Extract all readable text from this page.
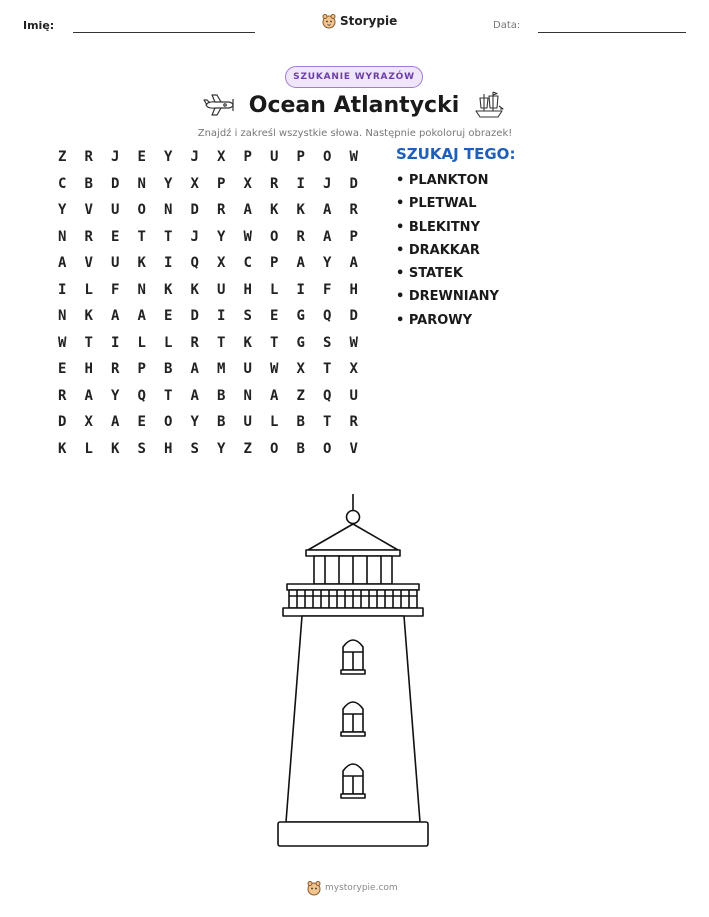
Imię:	Storypie	Data:
SZUKANIE WYRAZÓW
Ocean Atlantycki
Znajdź i zakreśl wszystkie słowa. Następnie pokoloruj obrazek!
Z	R	J	E	Y	J	X	P	U	P	O	W
C	B	D	N	Y	X	P	X	R	I	J	D
Y	V	U	O	N	D	R	A	K	K	A	R
N	R	E	T	T	J	Y	W	O	R	A	P
A	V	U	K	I	Q	X	C	P	A	Y	A
I	L	F	N	K	K	U	H	L	I	F	H
N	K	A	A	E	D	I	S	E	G	Q	D
W	T	I	L	L	R	T	K	T	G	S	W
E	H	R	P	B	A	M	U	W	X	T	X
R	A	Y	Q	T	A	B	N	A	Z	Q	U
D	X	A	E	O	Y	B	U	L	B	T	R
K	L	K	S	H	S	Y	Z	O	B	O	V
SZUKAJ TEGO:
• PLANKTON
• PLETWAL
• BLEKITNY
• DRAKKAR
• STATEK
• DREWNIANY
• PAROWY
mystorypie.com
